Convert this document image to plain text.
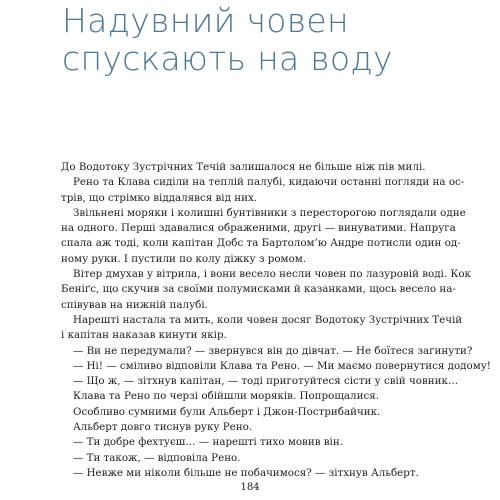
Надувний човен
спускають на воду
До Водотоку Зустрічних Течій залишалося не більше ніж пів милі.
Рено та Клава сиділи на теплій палубі, кидаючи останні погляди на ос-
трів, що стрімко віддалявся від них.
Звільнені моряки і колишні бунтівники з пересторогою поглядали одне
на одного. Перші здавалися ображеними, другі — винуватими. Напруга
спала аж тоді, коли капітан Добс та Бартолом’ю Андре потисли один од-
ному руки. І пустили по колу діжку з ромом.
Вітер дмухав у вітрила, і вони весело несли човен по лазуровій воді. Кок
Беніґс, що скучив за своїми полумисками й казанками, щось весело на-
співував на нижній палубі.
Нарешті настала та мить, коли човен досяг Водотоку Зустрічних Течій
і капітан наказав кинути якір.
— Ви не передумали? — звернувся він до дівчат. — Не боїтеся загинути?
— Ні! — сміливо відповіли Клава та Рено. — Ми маємо повернутися додому!
— Що ж, — зітхнув капітан, — тоді приготуйтеся сісти у свій човник…
Клава та Рено по черзі обійшли моряків. Попрощалися.
Особливо сумними були Альберт і Джон-Пострибайчик.
Альберт довго тиснув руку Рено.
— Ти добре фехтуєш… — нарешті тихо мовив він.
— Ти також, — відповіла Рено.
— Невже ми ніколи більше не побачимося? — зітхнув Альберт.
184
